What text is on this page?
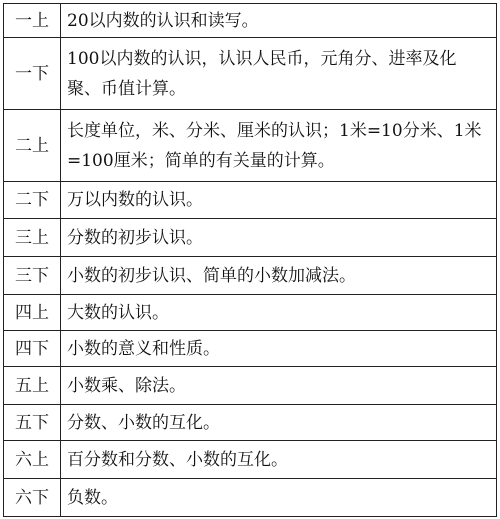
一上	20以内数的认识和读写。
一下	100以内数的认识，认识人民币，元角分、进率及化聚、币值计算。
二上	长度单位，米、分米、厘米的认识；1米=10分米、1米=100厘米；简单的有关量的计算。
二下	万以内数的认识。
三上	分数的初步认识。
三下	小数的初步认识、简单的小数加减法。
四上	大数的认识。
四下	小数的意义和性质。
五上	小数乘、除法。
五下	分数、小数的互化。
六上	百分数和分数、小数的互化。
六下	负数。
